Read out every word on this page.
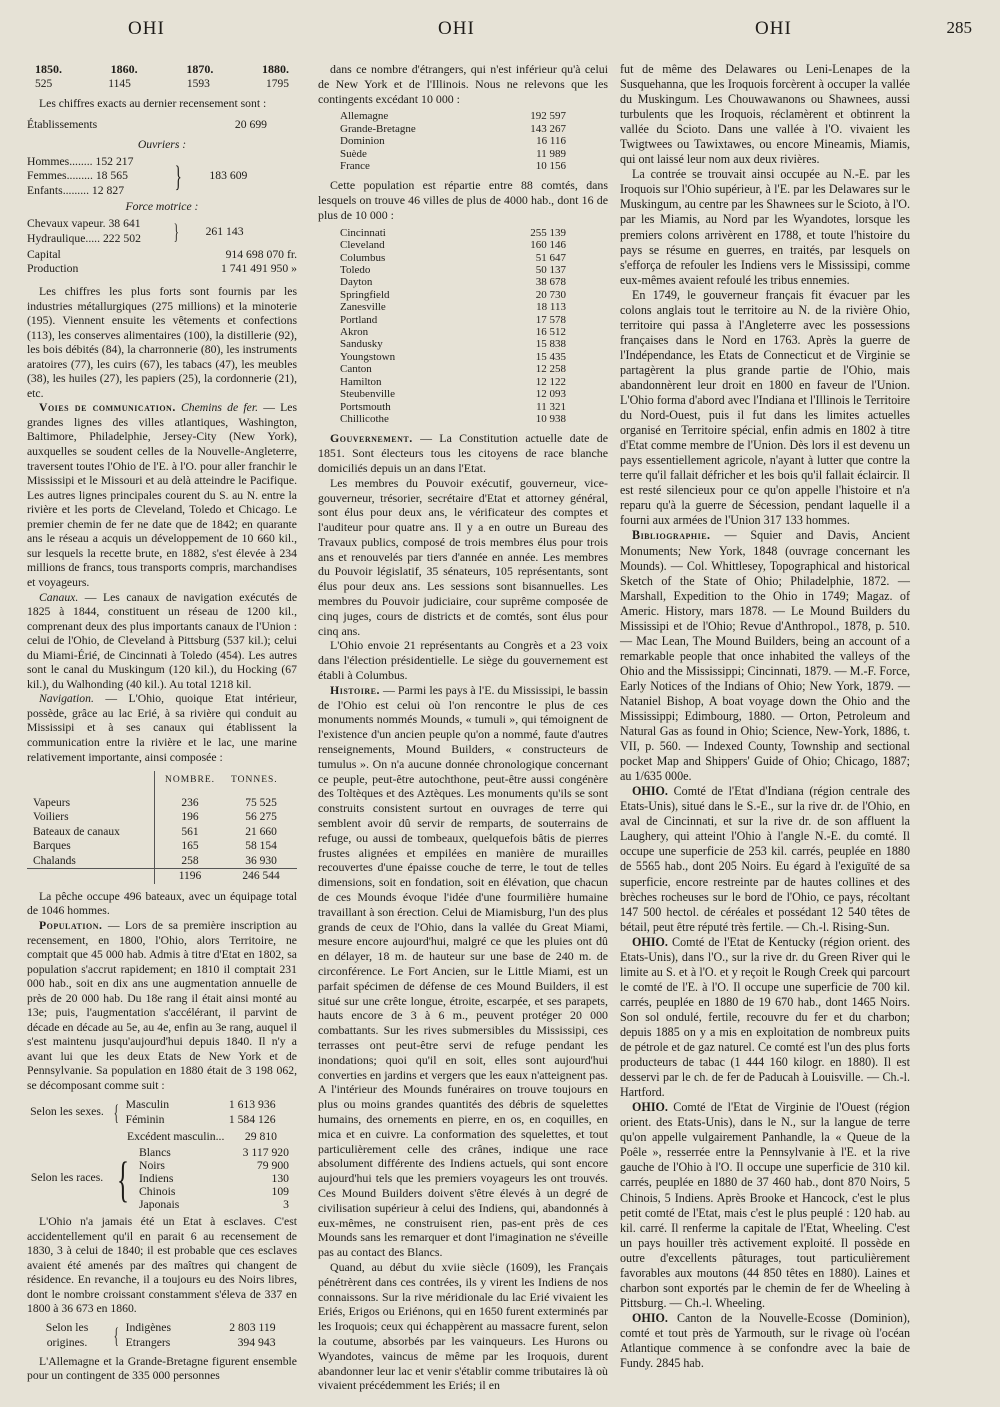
OHI	OHI	OHI	285
1850.	1860.	1870.	1880.
525	1145	1593	1795

Les chiffres exacts au dernier recensement sont :

Établissements	20 699
Ouvriers :
Hommes........ 152 217
Femmes......... 18 565
Enfants......... 12 827	} 183 609
Force motrice :
Chevaux vapeur. 38 641
Hydraulique..... 222 502	} 261 143
Capital	914 698 070 fr.
Production	1 741 491 950 »

Les chiffres les plus forts sont fournis par les industries métallurgiques (275 millions) et la minoterie (195). Viennent ensuite les vêtements et confections (113), les conserves alimentaires (100), la distillerie (92), les bois débités (84), la charronnerie (80), les instruments aratoires (77), les cuirs (67), les tabacs (47), les meubles (38), les huiles (27), les papiers (25), la cordonnerie (21), etc.

Voies de communication. Chemins de fer. — Les grandes lignes des villes atlantiques, Washington, Baltimore, Philadelphie, Jersey-City (New York), auxquelles se soudent celles de la Nouvelle-Angleterre, traversent toutes l'Ohio de l'E. à l'O. pour aller franchir le Mississipi et le Missouri et au delà atteindre le Pacifique. Les autres lignes principales courent du S. au N. entre la rivière et les ports de Cleveland, Toledo et Chicago. Le premier chemin de fer ne date que de 1842; en quarante ans le réseau a acquis un développement de 10 660 kil., sur lesquels la recette brute, en 1882, s'est élevée à 234 millions de francs, tous transports compris, marchandises et voyageurs.

Canaux. — Les canaux de navigation exécutés de 1825 à 1844, constituent un réseau de 1200 kil., comprenant deux des plus importants canaux de l'Union : celui de l'Ohio, de Cleveland à Pittsburg (537 kil.); celui du Miami-Érié, de Cincinnati à Toledo (454). Les autres sont le canal du Muskingum (120 kil.), du Hocking (67 kil.), du Walhonding (40 kil.). Au total 1218 kil.

Navigation. — L'Ohio, quoique Etat intérieur, possède, grâce au lac Erié, à sa rivière qui conduit au Mississipi et à ses canaux qui établissent la communication entre la rivière et le lac, une marine relativement importante, ainsi composée :

	NOMBRE.	TONNES.

Vapeurs	236	75 525
Voiliers	196	56 275
Bateaux de canaux	561	21 660
Barques	165	58 154
Chalands	258	36 930
	1196	246 544

La pêche occupe 496 bateaux, avec un équipage total de 1046 hommes.

Population. — Lors de sa première inscription au recensement, en 1800, l'Ohio, alors Territoire, ne comptait que 45 000 hab. Admis à titre d'Etat en 1802, sa population s'accrut rapidement; en 1810 il comptait 231 000 hab., soit en dix ans une augmentation annuelle de près de 20 000 hab. Du 18e rang il était ainsi monté au 13e; puis, l'augmentation s'accélérant, il parvint de décade en décade au 5e, au 4e, enfin au 3e rang, auquel il s'est maintenu jusqu'aujourd'hui depuis 1840. Il n'y a avant lui que les deux Etats de New York et de Pennsylvanie. Sa population en 1880 était de 3 198 062, se décomposant comme suit :

Selon les sexes. { Masculin	1 613 936
Féminin	1 584 126
Excédent masculin... 29 810
Selon les races. { Blancs	3 117 920
Noirs	79 900
Indiens	130
Chinois	109
Japonais	3

L'Ohio n'a jamais été un Etat à esclaves. C'est accidentellement qu'il en parait 6 au recensement de 1830, 3 à celui de 1840; il est probable que ces esclaves avaient été amenés par des maîtres qui changent de résidence. En revanche, il a toujours eu des Noirs libres, dont le nombre croissant constamment s'éleva de 337 en 1800 à 36 673 en 1860.

Selon les origines.	{ Indigènes	2 803 119
Etrangers	394 943

L'Allemagne et la Grande-Bretagne figurent ensemble pour un contingent de 335 000 personnes

dans ce nombre d'étrangers, qui n'est inférieur qu'à celui de New York et de l'Illinois. Nous ne relevons que les contingents excédant 10 000 :

Allemagne	192 597
Grande-Bretagne	143 267
Dominion	16 116
Suède	11 989
France	10 156

Cette population est répartie entre 88 comtés, dans lesquels on trouve 46 villes de plus de 4000 hab., dont 16 de plus de 10 000 :

Cincinnati	255 139
Cleveland	160 146
Columbus	51 647
Toledo	50 137
Dayton	38 678
Springfield	20 730
Zanesville	18 113
Portland	17 578
Akron	16 512
Sandusky	15 838
Youngstown	15 435
Canton	12 258
Hamilton	12 122
Steubenville	12 093
Portsmouth	11 321
Chillicothe	10 938

Gouvernement. — La Constitution actuelle date de 1851. Sont électeurs tous les citoyens de race blanche domiciliés depuis un an dans l'Etat.

Les membres du Pouvoir exécutif, gouverneur, vice-gouverneur, trésorier, secrétaire d'Etat et attorney général, sont élus pour deux ans, le vérificateur des comptes et l'auditeur pour quatre ans. Il y a en outre un Bureau des Travaux publics, composé de trois membres élus pour trois ans et renouvelés par tiers d'année en année. Les membres du Pouvoir législatif, 35 sénateurs, 105 représentants, sont élus pour deux ans. Les sessions sont bisannuelles. Les membres du Pouvoir judiciaire, cour suprême composée de cinq juges, cours de districts et de comtés, sont élus pour cinq ans.

L'Ohio envoie 21 représentants au Congrès et a 23 voix dans l'élection présidentielle. Le siège du gouvernement est établi à Columbus.

Histoire. — Parmi les pays à l'E. du Mississipi, le bassin de l'Ohio est celui où l'on rencontre le plus de ces monuments nommés Mounds, « tumuli », qui témoignent de l'existence d'un ancien peuple qu'on a nommé, faute d'autres renseignements, Mound Builders, « constructeurs de tumulus ». On n'a aucune donnée chronologique concernant ce peuple, peut-être autochthone, peut-être aussi congénère des Toltèques et des Aztèques. Les monuments qu'ils se sont construits consistent surtout en ouvrages de terre qui semblent avoir dû servir de remparts, de souterrains de refuge, ou aussi de tombeaux, quelquefois bâtis de pierres frustes alignées et empilées en manière de murailles recouvertes d'une épaisse couche de terre, le tout de telles dimensions, soit en fondation, soit en élévation, que chacun de ces Mounds évoque l'idée d'une fourmilière humaine travaillant à son érection. Celui de Miamisburg, l'un des plus grands de ceux de l'Ohio, dans la vallée du Great Miami, mesure encore aujourd'hui, malgré ce que les pluies ont dû en délayer, 18 m. de hauteur sur une base de 240 m. de circonférence. Le Fort Ancien, sur le Little Miami, est un parfait spécimen de défense de ces Mound Builders, il est situé sur une crête longue, étroite, escarpée, et ses parapets, hauts encore de 3 à 6 m., peuvent protéger 20 000 combattants. Sur les rives submersibles du Mississipi, ces terrasses ont peut-être servi de refuge pendant les inondations; quoi qu'il en soit, elles sont aujourd'hui converties en jardins et vergers que les eaux n'atteignent pas. A l'intérieur des Mounds funéraires on trouve toujours en plus ou moins grandes quantités des débris de squelettes humains, des ornements en pierre, en os, en coquilles, en mica et en cuivre. La conformation des squelettes, et tout particulièrement celle des crânes, indique une race absolument différente des Indiens actuels, qui sont encore aujourd'hui tels que les premiers voyageurs les ont trouvés. Ces Mound Builders doivent s'être élevés à un degré de civilisation supérieur à celui des Indiens, qui, abandonnés à eux-mêmes, ne construisent rien, pas-ent près de ces Mounds sans les remarquer et dont l'imagination ne s'éveille pas au contact des Blancs.

Quand, au début du xviie siècle (1609), les Français pénétrèrent dans ces contrées, ils y virent les Indiens de nos connaissons. Sur la rive méridionale du lac Erié vivaient les Eriés, Erigos ou Eriénons, qui en 1650 furent exterminés par les Iroquois; ceux qui échappèrent au massacre furent, selon la coutume, absorbés par les vainqueurs. Les Hurons ou Wyandotes, vaincus de même par les Iroquois, durent abandonner leur lac et venir s'établir comme tributaires là où vivaient précédemment les Eriés; il en

fut de même des Delawares ou Leni-Lenapes de la Susquehanna, que les Iroquois forcèrent à occuper la vallée du Muskingum. Les Chouwawanons ou Shawnees, aussi turbulents que les Iroquois, réclamèrent et obtinrent la vallée du Scioto. Dans une vallée à l'O. vivaient les Twigtwees ou Tawixtawes, ou encore Mineamis, Miamis, qui ont laissé leur nom aux deux rivières.

La contrée se trouvait ainsi occupée au N.-E. par les Iroquois sur l'Ohio supérieur, à l'E. par les Delawares sur le Muskingum, au centre par les Shawnees sur le Scioto, à l'O. par les Miamis, au Nord par les Wyandotes, lorsque les premiers colons arrivèrent en 1788, et toute l'histoire du pays se résume en guerres, en traités, par lesquels on s'efforça de refouler les Indiens vers le Mississipi, comme eux-mêmes avaient refoulé les tribus ennemies.

En 1749, le gouverneur français fit évacuer par les colons anglais tout le territoire au N. de la rivière Ohio, territoire qui passa à l'Angleterre avec les possessions françaises dans le Nord en 1763. Après la guerre de l'Indépendance, les Etats de Connecticut et de Virginie se partagèrent la plus grande partie de l'Ohio, mais abandonnèrent leur droit en 1800 en faveur de l'Union. L'Ohio forma d'abord avec l'Indiana et l'Illinois le Territoire du Nord-Ouest, puis il fut dans les limites actuelles organisé en Territoire spécial, enfin admis en 1802 à titre d'Etat comme membre de l'Union. Dès lors il est devenu un pays essentiellement agricole, n'ayant à lutter que contre la terre qu'il fallait défricher et les bois qu'il fallait éclaircir. Il est resté silencieux pour ce qu'on appelle l'histoire et n'a reparu qu'à la guerre de Sécession, pendant laquelle il a fourni aux armées de l'Union 317 133 hommes.

Bibliographie. — Squier and Davis, Ancient Monuments; New York, 1848 (ouvrage concernant les Mounds). — Col. Whittlesey, Topographical and historical Sketch of the State of Ohio; Philadelphie, 1872. — Marshall, Expedition to the Ohio in 1749; Magaz. of Americ. History, mars 1878. — Le Mound Builders du Mississipi et de l'Ohio; Revue d'Anthropol., 1878, p. 510. — Mac Lean, The Mound Builders, being an account of a remarkable people that once inhabited the valleys of the Ohio and the Mississippi; Cincinnati, 1879. — M.-F. Force, Early Notices of the Indians of Ohio; New York, 1879. — Nataniel Bishop, A boat voyage down the Ohio and the Mississippi; Edimbourg, 1880. — Orton, Petroleum and Natural Gas as found in Ohio; Science, New-York, 1886, t. VII, p. 560. — Indexed County, Township and sectional pocket Map and Shippers' Guide of Ohio; Chicago, 1887; au 1/635 000e.

OHIO. Comté de l'Etat d'Indiana (région centrale des Etats-Unis), situé dans le S.-E., sur la rive dr. de l'Ohio, en aval de Cincinnati, et sur la rive dr. de son affluent la Laughery, qui atteint l'Ohio à l'angle N.-E. du comté. Il occupe une superficie de 253 kil. carrés, peuplée en 1880 de 5565 hab., dont 205 Noirs. Eu égard à l'exiguïté de sa superficie, encore restreinte par de hautes collines et des brèches rocheuses sur le bord de l'Ohio, ce pays, récoltant 147 500 hectol. de céréales et possédant 12 540 têtes de bétail, peut être réputé très fertile. — Ch.-l. Rising-Sun.

OHIO. Comté de l'Etat de Kentucky (région orient. des Etats-Unis), dans l'O., sur la rive dr. du Green River qui le limite au S. et à l'O. et y reçoit le Rough Creek qui parcourt le comté de l'E. à l'O. Il occupe une superficie de 700 kil. carrés, peuplée en 1880 de 19 670 hab., dont 1465 Noirs. Son sol ondulé, fertile, recouvre du fer et du charbon; depuis 1885 on y a mis en exploitation de nombreux puits de pétrole et de gaz naturel. Ce comté est l'un des plus forts producteurs de tabac (1 444 160 kilogr. en 1880). Il est desservi par le ch. de fer de Paducah à Louisville. — Ch.-l. Hartford.

OHIO. Comté de l'Etat de Virginie de l'Ouest (région orient. des Etats-Unis), dans le N., sur la langue de terre qu'on appelle vulgairement Panhandle, la « Queue de la Poêle », resserrée entre la Pennsylvanie à l'E. et la rive gauche de l'Ohio à l'O. Il occupe une superficie de 310 kil. carrés, peuplée en 1880 de 37 460 hab., dont 870 Noirs, 5 Chinois, 5 Indiens. Après Brooke et Hancock, c'est le plus petit comté de l'Etat, mais c'est le plus peuplé : 120 hab. au kil. carré. Il renferme la capitale de l'Etat, Wheeling. C'est un pays houiller très activement exploité. Il possède en outre d'excellents pâturages, tout particulièrement favorables aux moutons (44 850 têtes en 1880). Laines et charbon sont exportés par le chemin de fer de Wheeling à Pittsburg. — Ch.-l. Wheeling.

OHIO. Canton de la Nouvelle-Ecosse (Dominion), comté et tout près de Yarmouth, sur le rivage où l'océan Atlantique commence à se confondre avec la baie de Fundy. 2845 hab.
